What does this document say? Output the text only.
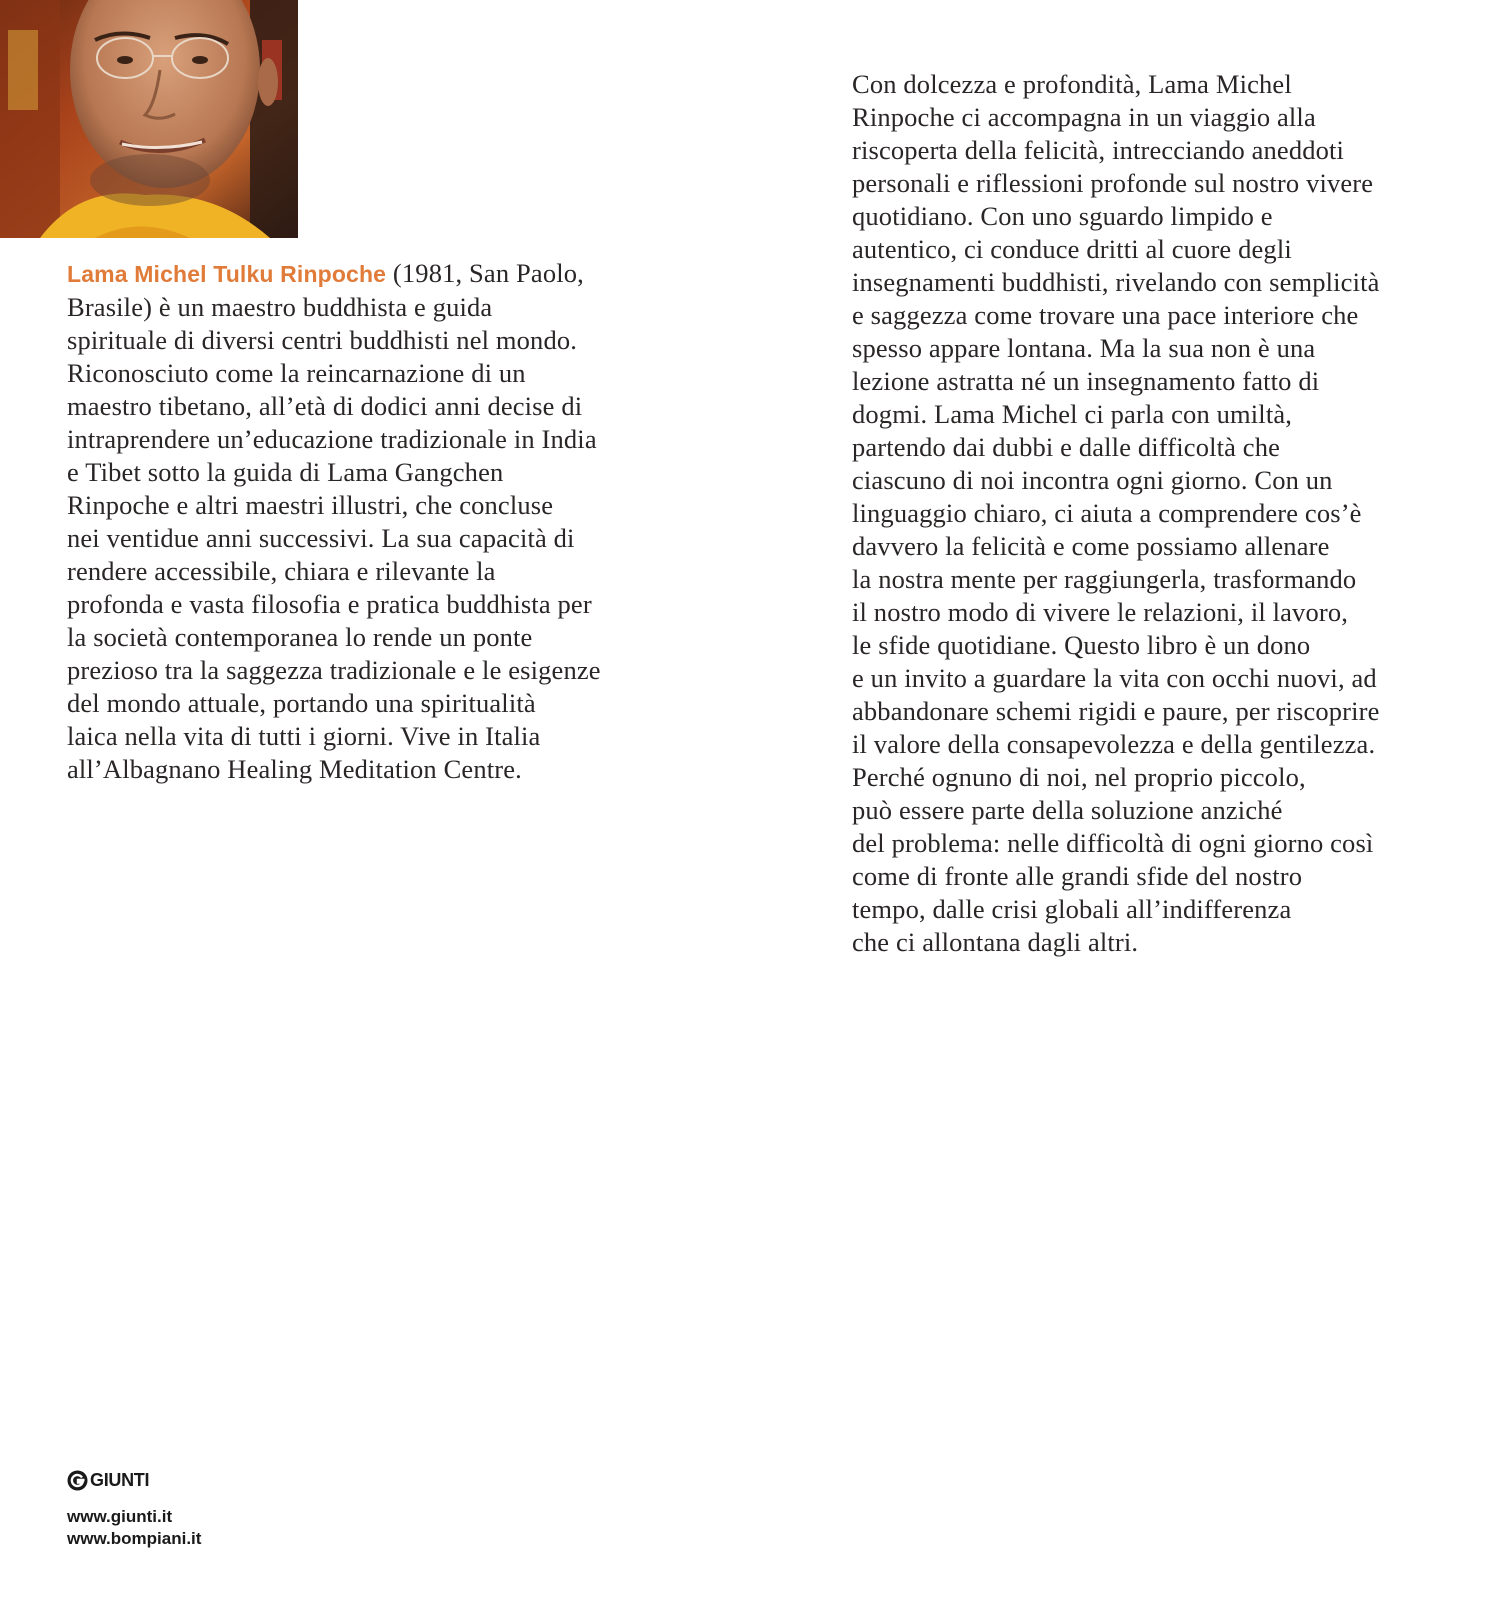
Lama Michel Tulku Rinpoche (1981, San Paolo,
Brasile) è un maestro buddhista e guida
spirituale di diversi centri buddhisti nel mondo.
Riconosciuto come la reincarnazione di un
maestro tibetano, all’età di dodici anni decise di
intraprendere un’educazione tradizionale in India
e Tibet sotto la guida di Lama Gangchen
Rinpoche e altri maestri illustri, che concluse
nei ventidue anni successivi. La sua capacità di
rendere accessibile, chiara e rilevante la
profonda e vasta filosofia e pratica buddhista per
la società contemporanea lo rende un ponte
prezioso tra la saggezza tradizionale e le esigenze
del mondo attuale, portando una spiritualità
laica nella vita di tutti i giorni. Vive in Italia
all’Albagnano Healing Meditation Centre.
Con dolcezza e profondità, Lama Michel
Rinpoche ci accompagna in un viaggio alla
riscoperta della felicità, intrecciando aneddoti
personali e riflessioni profonde sul nostro vivere
quotidiano. Con uno sguardo limpido e
autentico, ci conduce dritti al cuore degli
insegnamenti buddhisti, rivelando con semplicità
e saggezza come trovare una pace interiore che
spesso appare lontana. Ma la sua non è una
lezione astratta né un insegnamento fatto di
dogmi. Lama Michel ci parla con umiltà,
partendo dai dubbi e dalle difficoltà che
ciascuno di noi incontra ogni giorno. Con un
linguaggio chiaro, ci aiuta a comprendere cos’è
davvero la felicità e come possiamo allenare
la nostra mente per raggiungerla, trasformando
il nostro modo di vivere le relazioni, il lavoro,
le sfide quotidiane. Questo libro è un dono
e un invito a guardare la vita con occhi nuovi, ad
abbandonare schemi rigidi e paure, per riscoprire
il valore della consapevolezza e della gentilezza.
Perché ognuno di noi, nel proprio piccolo,
può essere parte della soluzione anziché
del problema: nelle difficoltà di ogni giorno così
come di fronte alle grandi sfide del nostro
tempo, dalle crisi globali all’indifferenza
che ci allontana dagli altri.
GIUNTI
www.giunti.it
www.bompiani.it
